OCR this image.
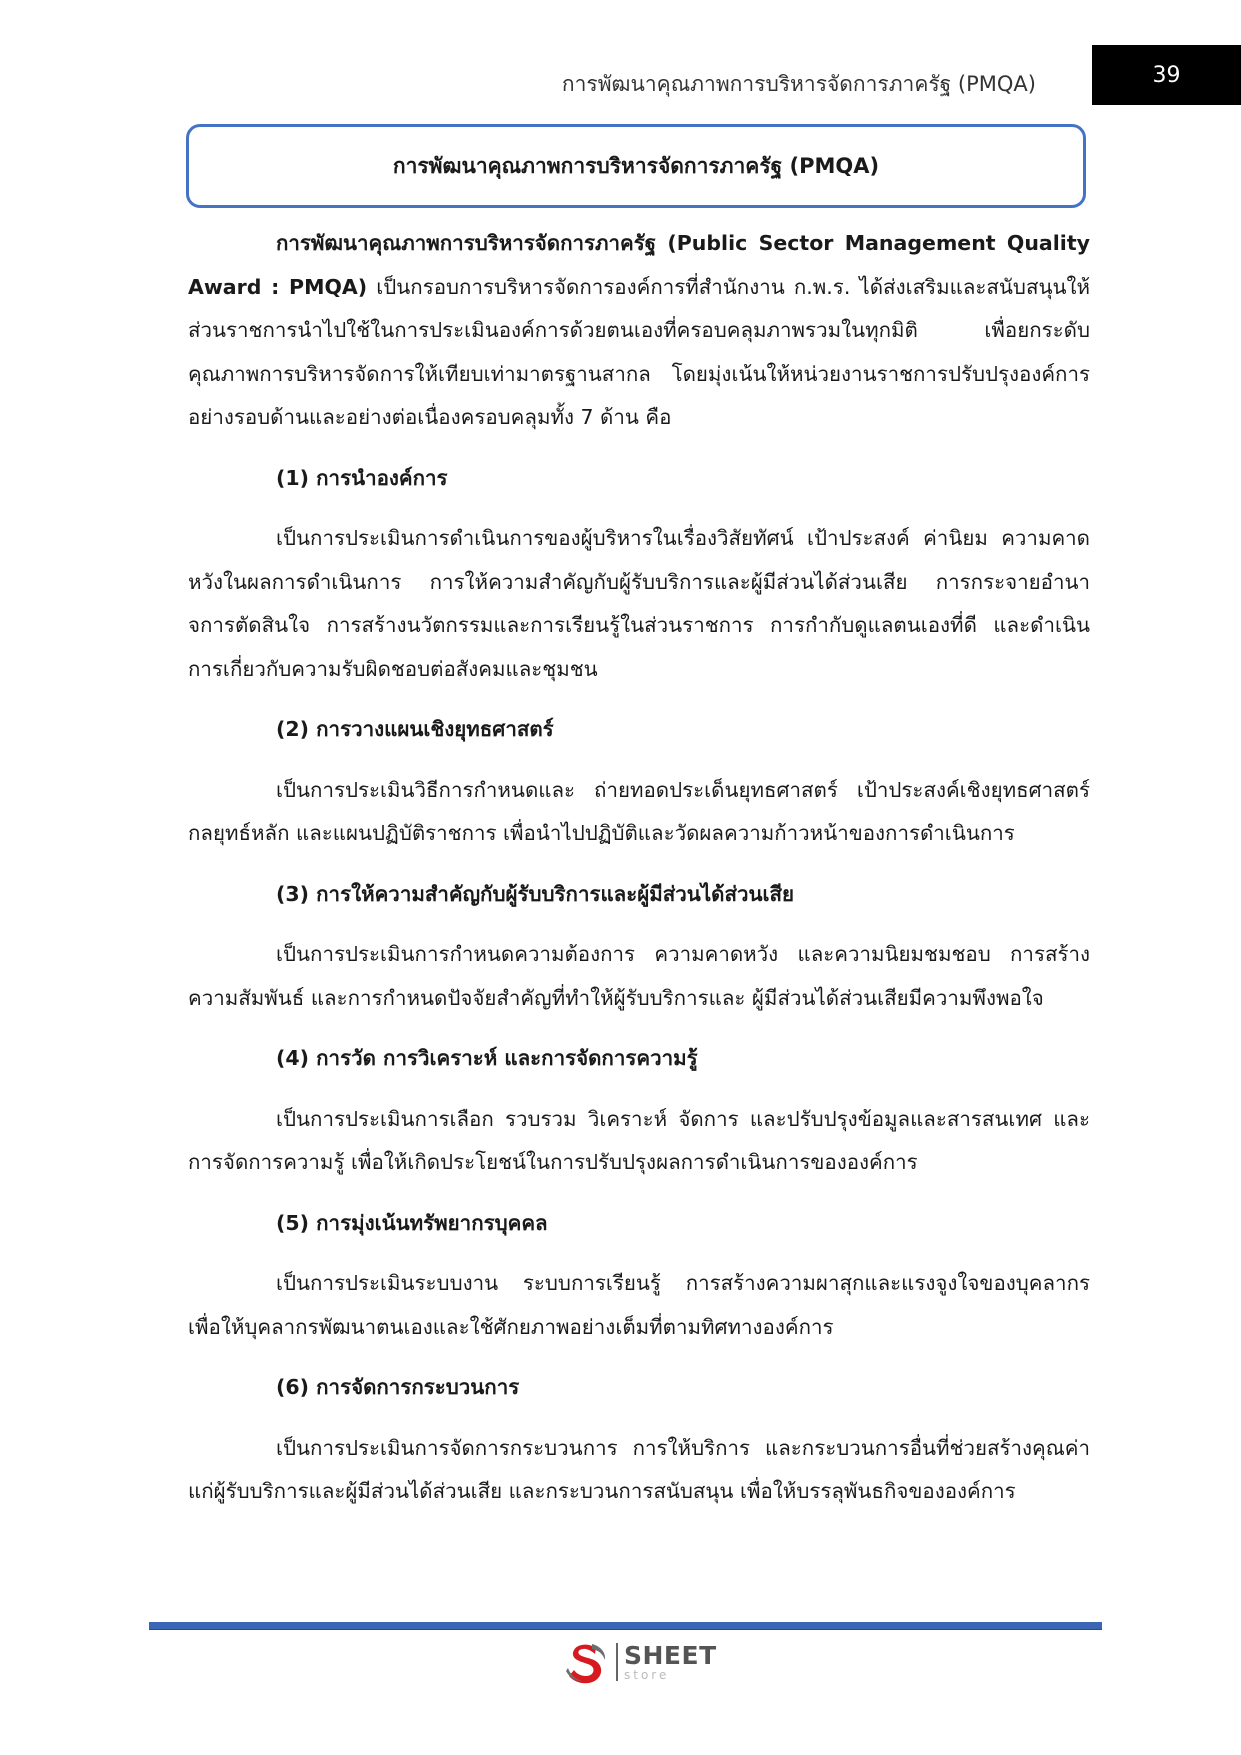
การพัฒนาคุณภาพการบริหารจัดการภาครัฐ (PMQA)	39
การพัฒนาคุณภาพการบริหารจัดการภาครัฐ (PMQA)

การพัฒนาคุณภาพการบริหารจัดการภาครัฐ (Public Sector Management Quality Award : PMQA) เป็นกรอบการบริหารจัดการองค์การที่สำนักงาน ก.พ.ร. ได้ส่งเสริมและสนับสนุนให้ส่วนราชการนำไปใช้ในการประเมินองค์การด้วยตนเองที่ครอบคลุมภาพรวมในทุกมิติ เพื่อยกระดับคุณภาพการบริหารจัดการให้เทียบเท่ามาตรฐานสากล โดยมุ่งเน้นให้หน่วยงานราชการปรับปรุงองค์การอย่างรอบด้านและอย่างต่อเนื่องครอบคลุมทั้ง 7 ด้าน คือ

(1) การนำองค์การ

เป็นการประเมินการดำเนินการของผู้บริหารในเรื่องวิสัยทัศน์ เป้าประสงค์ ค่านิยม ความคาดหวังในผลการดำเนินการ การให้ความสำคัญกับผู้รับบริการและผู้มีส่วนได้ส่วนเสีย การกระจายอำนาจการตัดสินใจ การสร้างนวัตกรรมและการเรียนรู้ในส่วนราชการ การกำกับดูแลตนเองที่ดี และดำเนินการเกี่ยวกับความรับผิดชอบต่อสังคมและชุมชน

(2) การวางแผนเชิงยุทธศาสตร์

เป็นการประเมินวิธีการกำหนดและ ถ่ายทอดประเด็นยุทธศาสตร์ เป้าประสงค์เชิงยุทธศาสตร์ กลยุทธ์หลัก และแผนปฏิบัติราชการ เพื่อนำไปปฏิบัติและวัดผลความก้าวหน้าของการดำเนินการ

(3) การให้ความสำคัญกับผู้รับบริการและผู้มีส่วนได้ส่วนเสีย

เป็นการประเมินการกำหนดความต้องการ ความคาดหวัง และความนิยมชมชอบ การสร้างความสัมพันธ์ และการกำหนดปัจจัยสำคัญที่ทำให้ผู้รับบริการและ ผู้มีส่วนได้ส่วนเสียมีความพึงพอใจ

(4) การวัด การวิเคราะห์ และการจัดการความรู้

เป็นการประเมินการเลือก รวบรวม วิเคราะห์ จัดการ และปรับปรุงข้อมูลและสารสนเทศ และการจัดการความรู้ เพื่อให้เกิดประโยชน์ในการปรับปรุงผลการดำเนินการขององค์การ

(5) การมุ่งเน้นทรัพยากรบุคคล

เป็นการประเมินระบบงาน ระบบการเรียนรู้ การสร้างความผาสุกและแรงจูงใจของบุคลากร เพื่อให้บุคลากรพัฒนาตนเองและใช้ศักยภาพอย่างเต็มที่ตามทิศทางองค์การ

(6) การจัดการกระบวนการ

เป็นการประเมินการจัดการกระบวนการ การให้บริการ และกระบวนการอื่นที่ช่วยสร้างคุณค่าแก่ผู้รับบริการและผู้มีส่วนได้ส่วนเสีย และกระบวนการสนับสนุน เพื่อให้บรรลุพันธกิจขององค์การ

SHEET
store
